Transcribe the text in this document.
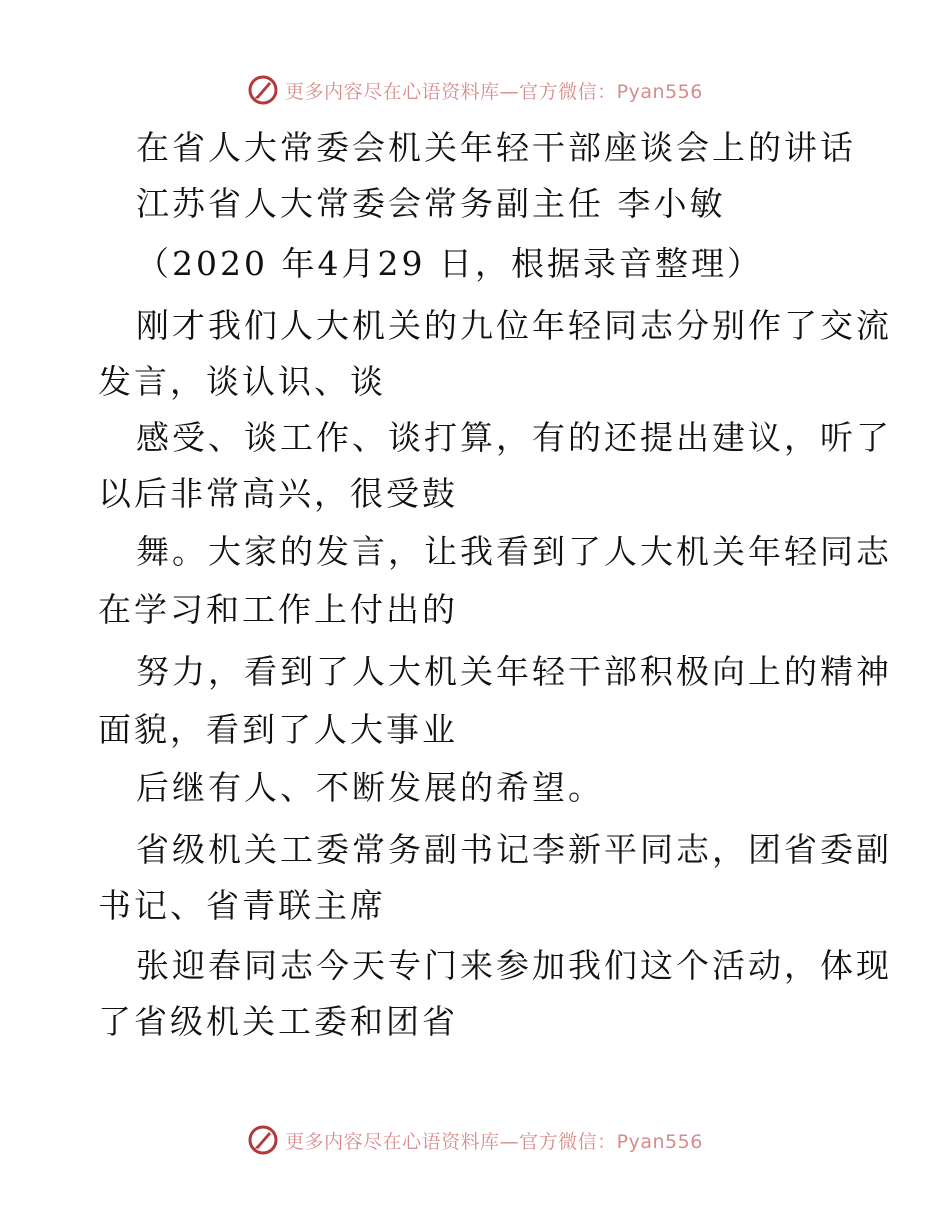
更多内容尽在心语资料库—官方微信：Pyan556
在省人大常委会机关年轻干部座谈会上的讲话
江苏省人大常委会常务副主任 李小敏
（2020 年4月29 日，根据录音整理）
刚才我们人大机关的九位年轻同志分别作了交流
发言，谈认识、谈
感受、谈工作、谈打算，有的还提出建议，听了
以后非常高兴，很受鼓
舞。大家的发言，让我看到了人大机关年轻同志
在学习和工作上付出的
努力，看到了人大机关年轻干部积极向上的精神
面貌，看到了人大事业
后继有人、不断发展的希望。
省级机关工委常务副书记李新平同志，团省委副
书记、省青联主席
张迎春同志今天专门来参加我们这个活动，体现
了省级机关工委和团省
更多内容尽在心语资料库—官方微信：Pyan556
